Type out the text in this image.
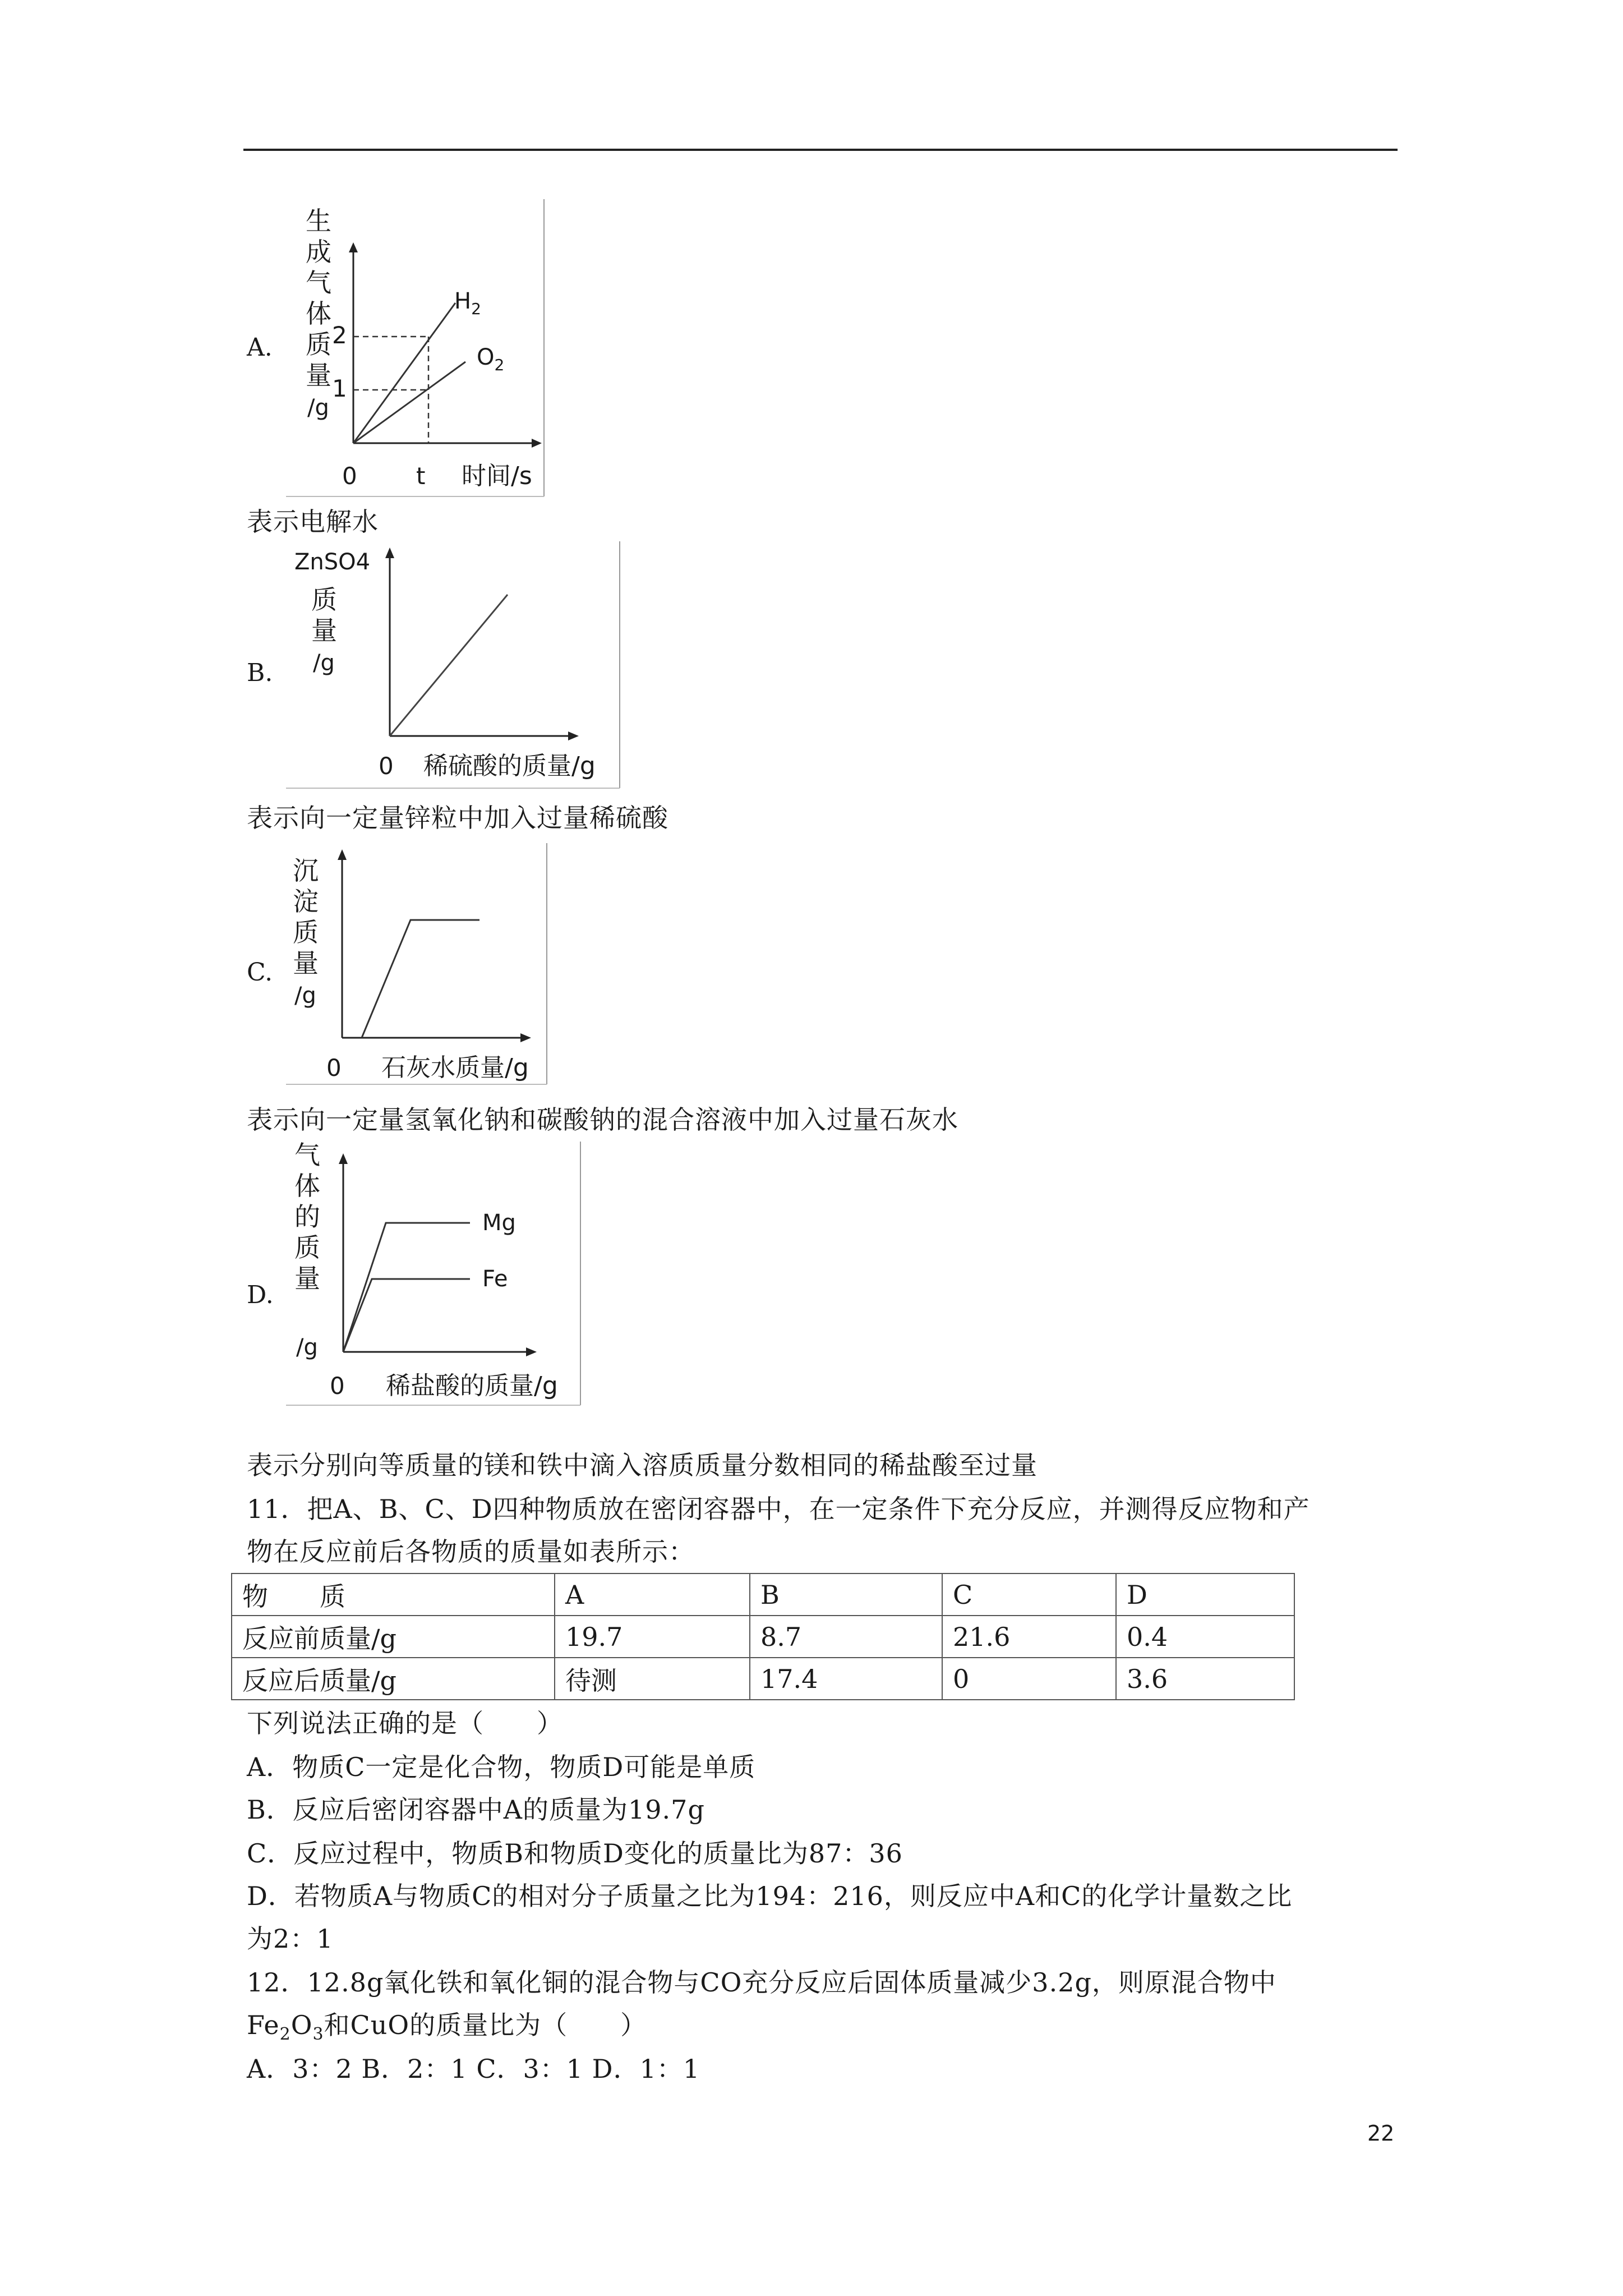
A.
生
成
气
体
质
量
/g
2
1
0	t 时间/s
$H_2$
$O_2$
表示电解水
B.
ZnSO4
质
量
/g
0 稀硫酸的质量/g
表示向一定量锌粒中加入过量稀硫酸
C.
沉
淀
质
量
/g
0 石灰水质量/g
表示向一定量氢氧化钠和碳酸钠的混合溶液中加入过量石灰水
D.
气
体
的
质
量
/g
Mg
Fe
0 稀盐酸的质量/g
表示分别向等质量的镁和铁中滴入溶质质量分数相同的稀盐酸至过量
11．把A、B、C、D四种物质放在密闭容器中，在一定条件下充分反应，并测得反应物和产
物在反应前后各物质的质量如表所示：
物　　质	A	B	C	D
反应前质量/g	19.7	8.7	21.6	0.4
反应后质量/g	待测	17.4	0	3.6
下列说法正确的是（　　）
A．物质C一定是化合物，物质D可能是单质
B．反应后密闭容器中A的质量为19.7g
C．反应过程中，物质B和物质D变化的质量比为87：36
D．若物质A与物质C的相对分子质量之比为194：216，则反应中A和C的化学计量数之比
为2：1
12．12.8g氧化铁和氧化铜的混合物与CO充分反应后固体质量减少3.2g，则原混合物中
$Fe_2O_3$和CuO的质量比为（　　）
A．3：2 B．2：1 C．3：1 D．1：1
22
